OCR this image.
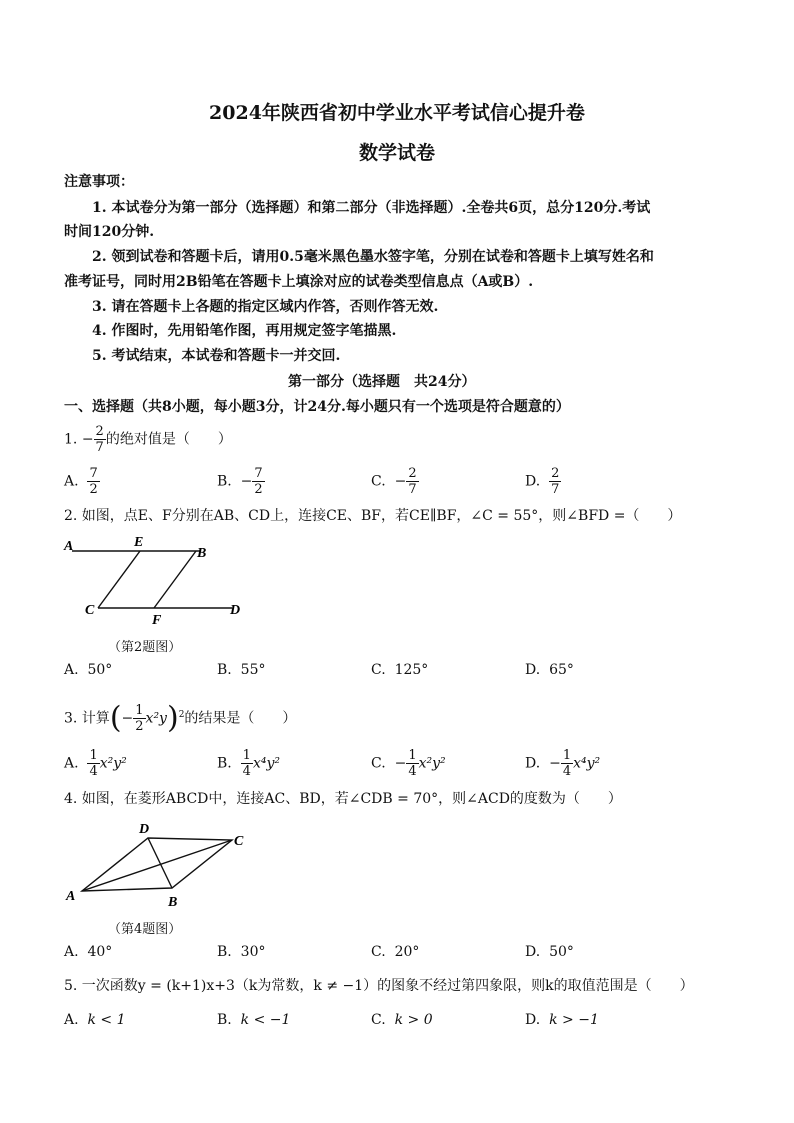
2024年陕西省初中学业水平考试信心提升卷
数学试卷
注意事项：
1. 本试卷分为第一部分（选择题）和第二部分（非选择题）.全卷共6页，总分120分.考试
时间120分钟.
2. 领到试卷和答题卡后，请用0.5毫米黑色墨水签字笔，分别在试卷和答题卡上填写姓名和
准考证号，同时用2B铅笔在答题卡上填涂对应的试卷类型信息点（A或B）.
3. 请在答题卡上各题的指定区域内作答，否则作答无效.
4. 作图时，先用铅笔作图，再用规定签字笔描黑.
5. 考试结束，本试卷和答题卡一并交回.
第一部分（选择题　共24分）
一、选择题（共8小题，每小题3分，计24分.每小题只有一个选项是符合题意的）
1. − $\frac{2}{7}$ 的绝对值是（　　）
A. $\frac{7}{2}$	B. − $\frac{7}{2}$	C. − $\frac{2}{7}$	D. $\frac{2}{7}$
2. 如图，点E、F分别在AB、CD上，连接CE、BF，若CE∥BF，∠C = 55°，则∠BFD =（　　）
A	E
B
C
F
D
（第2题图）
A. 50°	B. 55°	C. 125°	D. 65°
3. 计算(− $\frac{1}{2} x^2y)^2$的结果是（　　）
A. $\frac{1}{4} x^2y^2$	B. $\frac{1}{4} x^4y^2$	C. − $\frac{1}{4} x^2y^2$	D. − $\frac{1}{4} x^4y^2$
4. 如图，在菱形ABCD中，连接AC、BD，若∠CDB = 70°，则∠ACD的度数为（　　）
A	B
C
D
（第4题图）
A. 40°	B. 30°	C. 20°	D. 50°
5. 一次函数y = (k+1)x+3（k为常数，k ≠ −1）的图象不经过第四象限，则k的取值范围是（　　）
A. k < 1	B. k < −1	C. k > 0	D. k > −1
